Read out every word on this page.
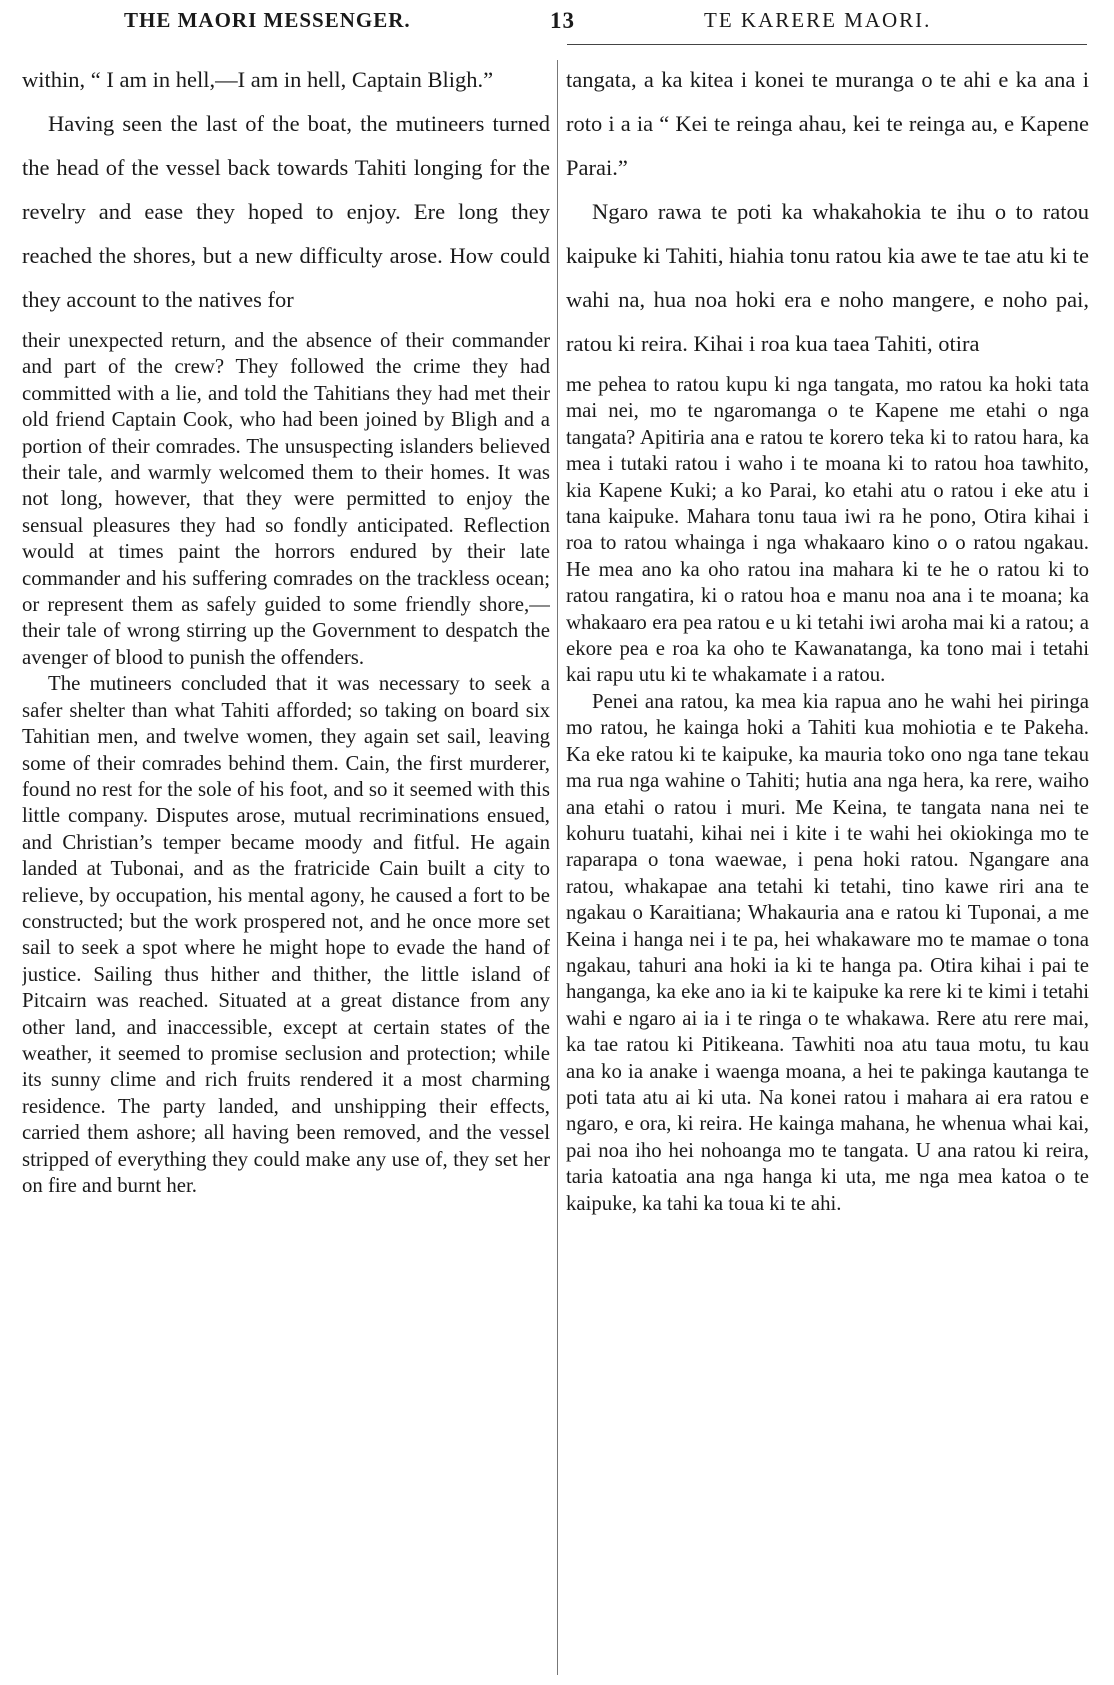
THE MAORI MESSENGER.	13	TE KARERE MAORI.

within, “ I am in hell,—I am in hell, Captain Bligh.”

Having seen the last of the boat, the mutineers turned the head of the vessel back towards Tahiti longing for the revelry and ease they hoped to enjoy. Ere long they reached the shores, but a new difficulty arose. How could they account to the natives for

their unexpected return, and the absence of their commander and part of the crew? They followed the crime they had committed with a lie, and told the Tahitians they had met their old friend Captain Cook, who had been joined by Bligh and a portion of their comrades. The unsuspecting islanders believed their tale, and warmly welcomed them to their homes. It was not long, however, that they were permitted to enjoy the sensual pleasures they had so fondly anticipated. Reflection would at times paint the horrors endured by their late commander and his suffering comrades on the trackless ocean; or represent them as safely guided to some friendly shore,—their tale of wrong stirring up the Government to despatch the avenger of blood to punish the offenders.

The mutineers concluded that it was necessary to seek a safer shelter than what Tahiti afforded; so taking on board six Tahitian men, and twelve women, they again set sail, leaving some of their comrades behind them. Cain, the first murderer, found no rest for the sole of his foot, and so it seemed with this little company. Disputes arose, mutual recriminations ensued, and Christian’s temper became moody and fitful. He again landed at Tubonai, and as the fratricide Cain built a city to relieve, by occupation, his mental agony, he caused a fort to be constructed; but the work prospered not, and he once more set sail to seek a spot where he might hope to evade the hand of justice. Sailing thus hither and thither, the little island of Pitcairn was reached. Situated at a great distance from any other land, and inaccessible, except at certain states of the weather, it seemed to promise seclusion and protection; while its sunny clime and rich fruits rendered it a most charming residence. The party landed, and unshipping their effects, carried them ashore; all having been removed, and the vessel stripped of everything they could make any use of, they set her on fire and burnt her.

tangata, a ka kitea i konei te muranga o te ahi e ka ana i roto i a ia “ Kei te reinga ahau, kei te reinga au, e Kapene Parai.”

Ngaro rawa te poti ka whakahokia te ihu o to ratou kaipuke ki Tahiti, hiahia tonu ratou kia awe te tae atu ki te wahi na, hua noa hoki era e noho mangere, e noho pai, ratou ki reira. Kihai i roa kua taea Tahiti, otira

me pehea to ratou kupu ki nga tangata, mo ratou ka hoki tata mai nei, mo te ngaromanga o te Kapene me etahi o nga tangata? Apitiria ana e ratou te korero teka ki to ratou hara, ka mea i tutaki ratou i waho i te moana ki to ratou hoa tawhito, kia Kapene Kuki; a ko Parai, ko etahi atu o ratou i eke atu i tana kaipuke. Mahara tonu taua iwi ra he pono, Otira kihai i roa to ratou whainga i nga whakaaro kino o o ratou ngakau. He mea ano ka oho ratou ina mahara ki te he o ratou ki to ratou rangatira, ki o ratou hoa e manu noa ana i te moana; ka whakaaro era pea ratou e u ki tetahi iwi aroha mai ki a ratou; a ekore pea e roa ka oho te Kawanatanga, ka tono mai i tetahi kai rapu utu ki te whakamate i a ratou.

Penei ana ratou, ka mea kia rapua ano he wahi hei piringa mo ratou, he kainga hoki a Tahiti kua mohiotia e te Pakeha. Ka eke ratou ki te kaipuke, ka mauria toko ono nga tane tekau ma rua nga wahine o Tahiti; hutia ana nga hera, ka rere, waiho ana etahi o ratou i muri. Me Keina, te tangata nana nei te kohuru tuatahi, kihai nei i kite i te wahi hei okiokinga mo te raparapa o tona waewae, i pena hoki ratou. Ngangare ana ratou, whakapae ana tetahi ki tetahi, tino kawe riri ana te ngakau o Karaitiana; Whakauria ana e ratou ki Tuponai, a me Keina i hanga nei i te pa, hei whakaware mo te mamae o tona ngakau, tahuri ana hoki ia ki te hanga pa. Otira kihai i pai te hanganga, ka eke ano ia ki te kaipuke ka rere ki te kimi i tetahi wahi e ngaro ai ia i te ringa o te whakawa. Rere atu rere mai, ka tae ratou ki Pitikeana. Tawhiti noa atu taua motu, tu kau ana ko ia anake i waenga moana, a hei te pakinga kautanga te poti tata atu ai ki uta. Na konei ratou i mahara ai era ratou e ngaro, e ora, ki reira. He kainga mahana, he whenua whai kai, pai noa iho hei nohoanga mo te tangata. U ana ratou ki reira, taria katoatia ana nga hanga ki uta, me nga mea katoa o te kaipuke, ka tahi ka toua ki te ahi.
